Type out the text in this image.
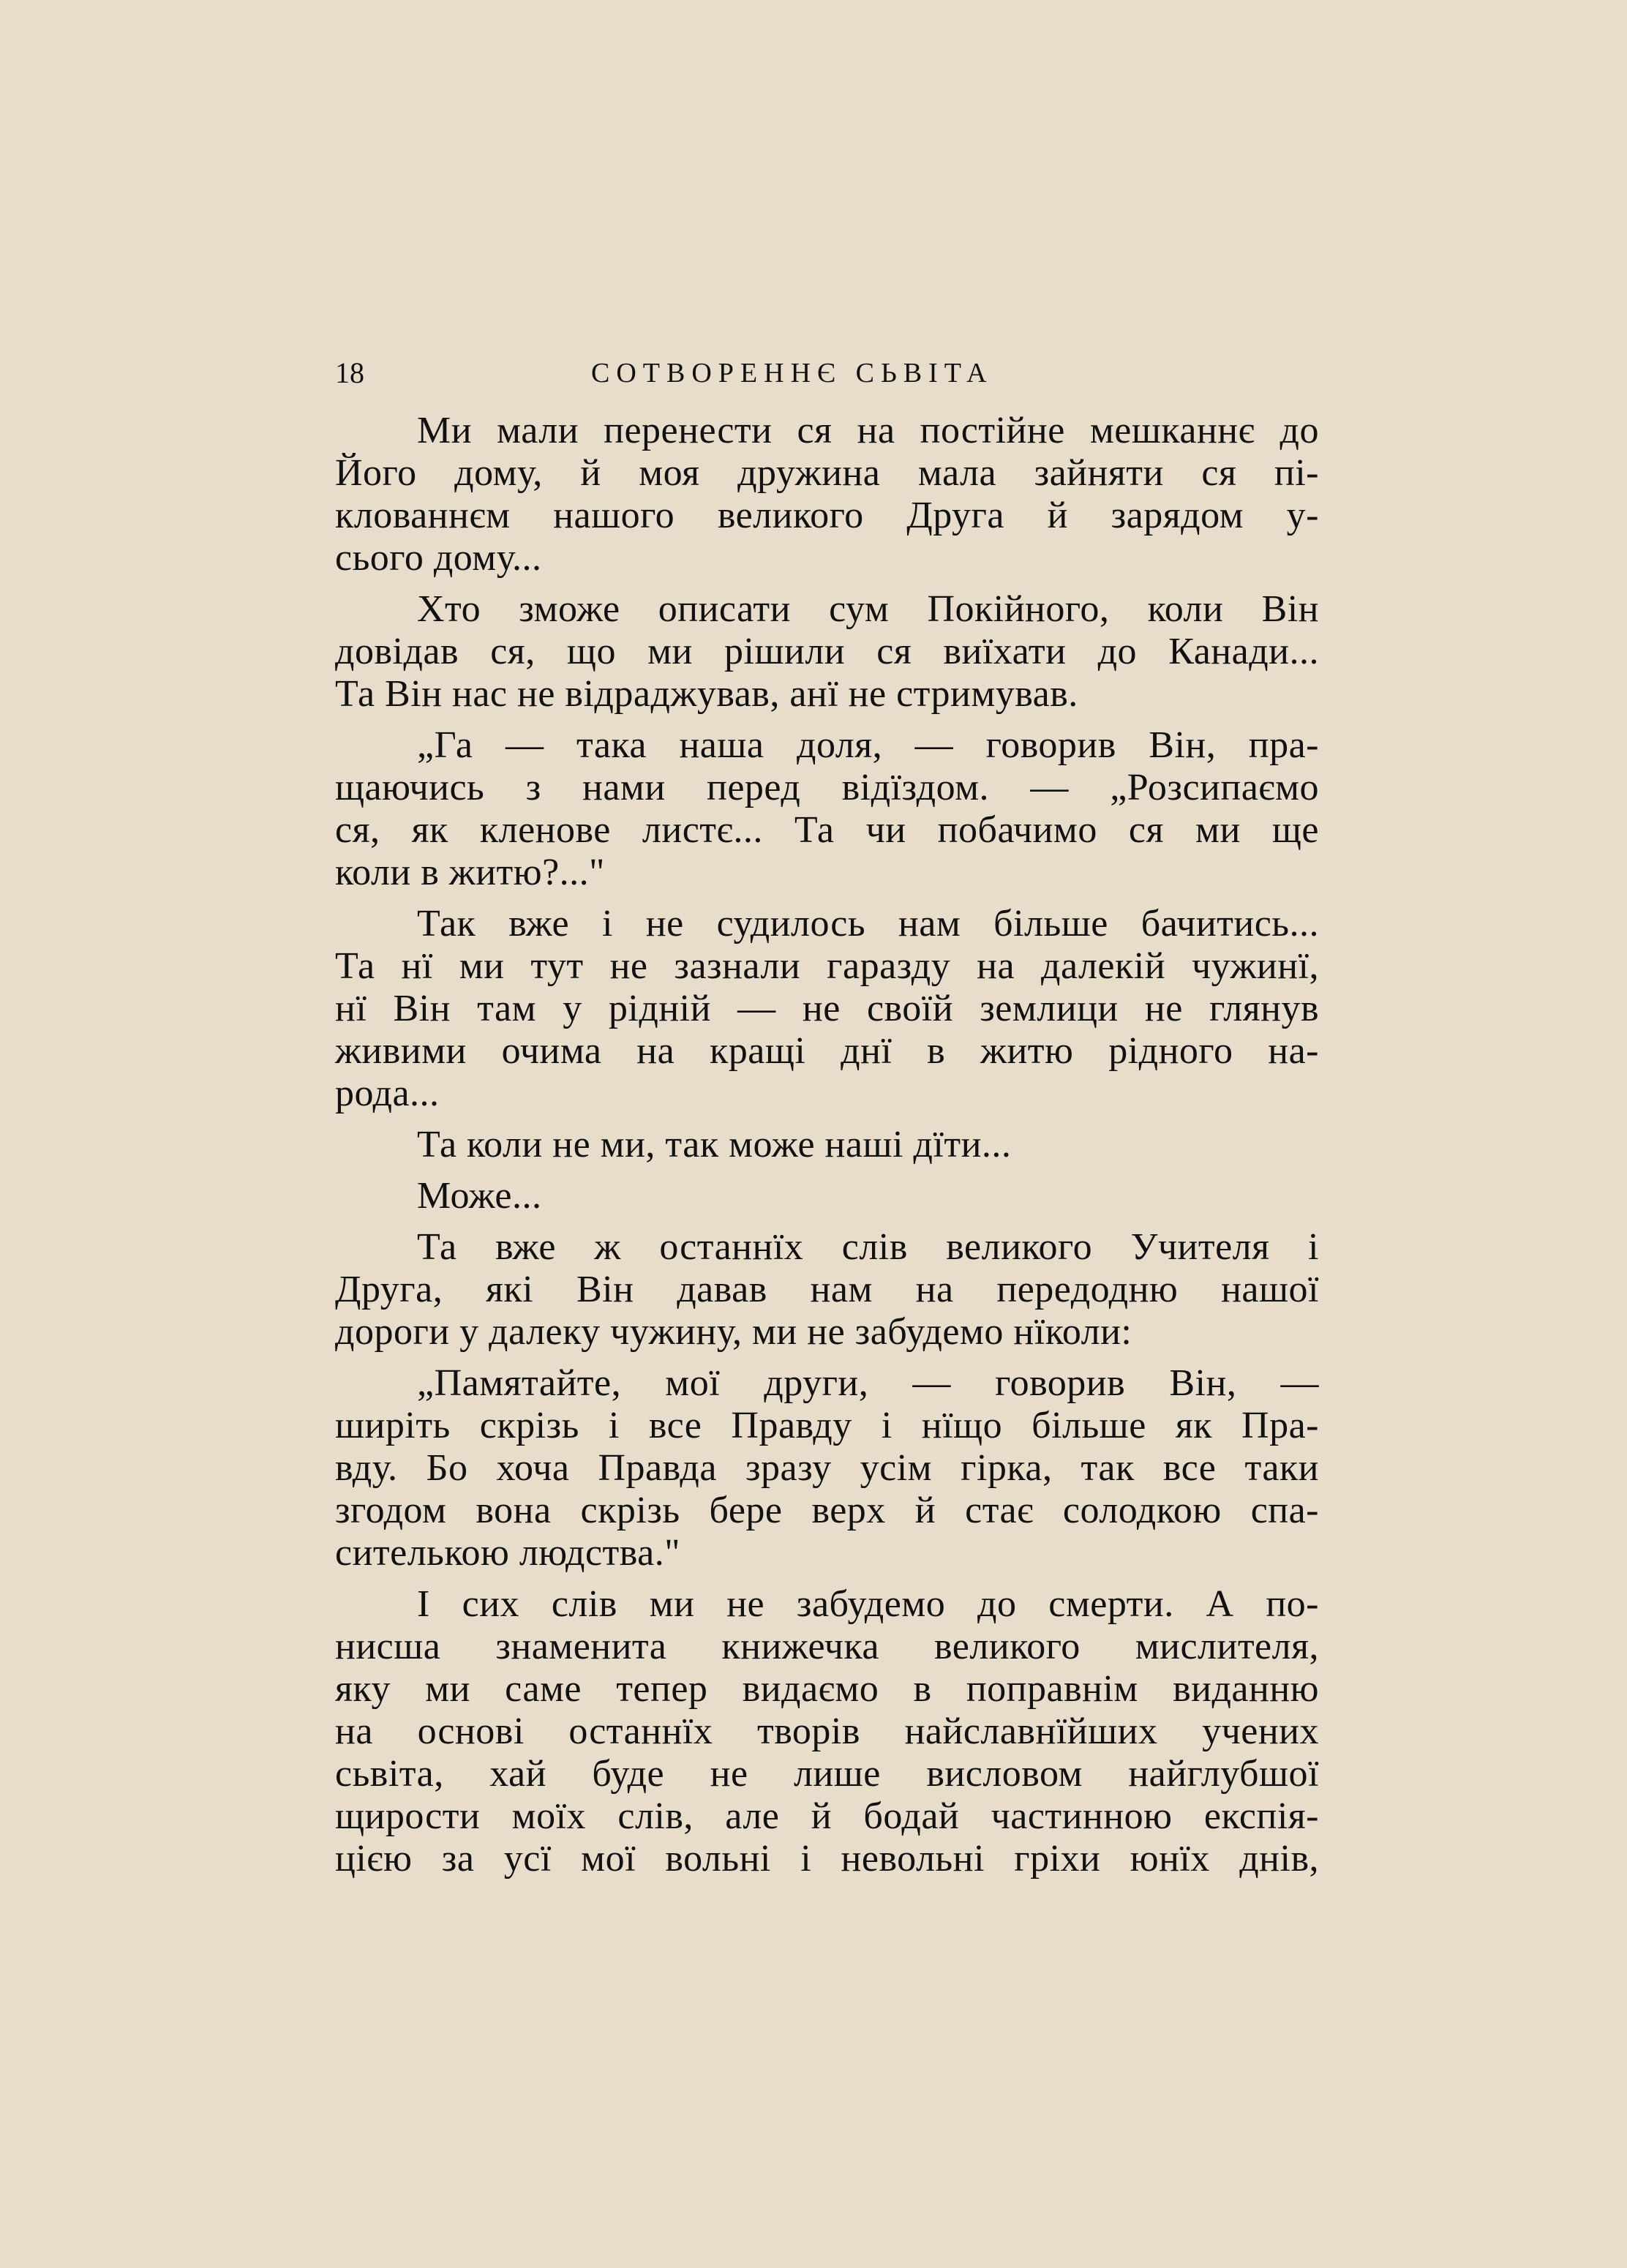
18	СОТВОРЕННЄ СЬВІТА
Ми мали перенести ся на постійне мешканнє до
Його дому, й моя дружина мала зайняти ся пі-
клованнєм нашого великого Друга й зарядом у-
сього дому...
Хто зможе описати сум Покійного, коли Він
довідав ся, що ми рішили ся виїхати до Канади...
Та Він нас не відраджував, анї не стримував.
„Га — така наша доля, — говорив Він, пра-
щаючись з нами перед відїздом. — „Розсипаємо
ся, як кленове листє... Та чи побачимо ся ми ще
коли в житю?..."
Так вже і не судилось нам більше бачитись...
Та нї ми тут не зазнали гаразду на далекій чужинї,
нї Він там у рідній — не своїй землици не глянув
живими очима на кращі днї в житю рідного на-
рода...
Та коли не ми, так може наші дїти...
Може...
Та вже ж останнїх слів великого Учителя і
Друга, які Він давав нам на передодню нашої
дороги у далеку чужину, ми не забудемо нїколи:
„Памятайте, мої други, — говорив Він, —
ширіть скрізь і все Правду і нїщо більше як Пра-
вду. Бо хоча Правда зразу усім гірка, так все таки
згодом вона скрізь бере верх й стає солодкою спа-
сителькою людства."
І сих слів ми не забудемо до смерти. А по-
нисша знаменита книжечка великого мислителя,
яку ми саме тепер видаємо в поправнім виданню
на основі останнїх творів найславнїйших учених
сьвіта, хай буде не лише висловом найглубшої
щирости моїх слів, але й бодай частинною експія-
цією за усї мої вольні і невольні гріхи юнїх днів,
